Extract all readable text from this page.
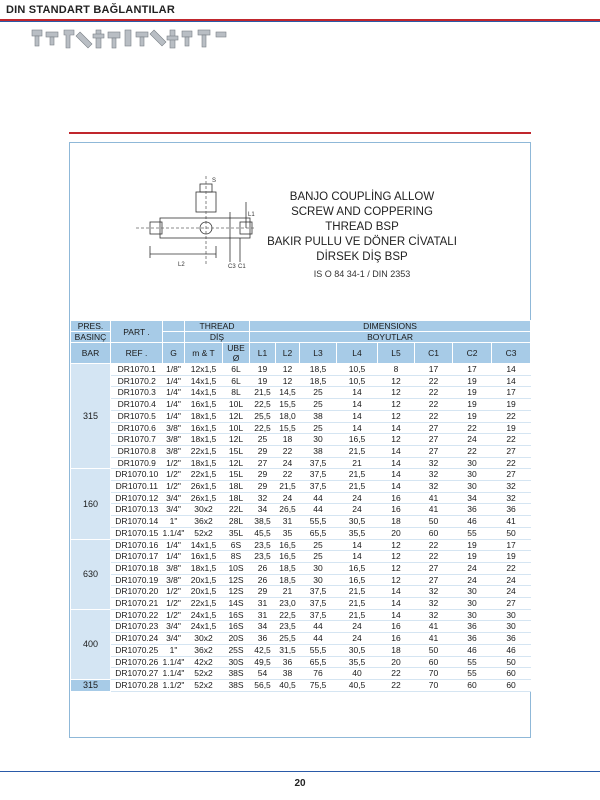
DIN STANDART BAĞLANTILAR
S
L2	C3 C1
L1
BANJO COUPLİNG ALLOW
SCREW AND COPPERING
THREAD BSP
BAKIR PULLU VE DÖNER CİVATALI
DİRSEK DİŞ BSP
IS O 84 34-1 / DIN 2353
PRES.	PART .		THREAD		DIMENSIONS							
BASINÇ			DİŞ		BOYUTLAR							
BAR	REF .	G	m & T	UBE Ø	L1	L2	L3	L4	L5	C1	C2	C3
315	DR1070.1	1/8"	12x1,5	6L	19	12	18,5	10,5	8	17	17	14
	DR1070.2	1/4"	14x1,5	6L	19	12	18,5	10,5	12	22	19	14
	DR1070.3	1/4"	14x1,5	8L	21,5	14,5	25	14	12	22	19	17
	DR1070.4	1/4"	16x1,5	10L	22,5	15,5	25	14	12	22	19	19
	DR1070.5	1/4"	18x1,5	12L	25,5	18,0	38	14	12	22	19	22
	DR1070.6	3/8"	16x1,5	10L	22,5	15,5	25	14	14	27	22	19
	DR1070.7	3/8"	18x1,5	12L	25	18	30	16,5	12	27	24	22
	DR1070.8	3/8"	22x1,5	15L	29	22	38	21,5	14	27	22	27
	DR1070.9	1/2"	18x1,5	12L	27	24	37,5	21	14	32	30	22
160	DR1070.10	1/2"	22x1,5	15L	29	22	37,5	21,5	14	32	30	27
	DR1070.11	1/2"	26x1,5	18L	29	21,5	37,5	21,5	14	32	30	32
	DR1070.12	3/4"	26x1,5	18L	32	24	44	24	16	41	34	32
	DR1070.13	3/4"	30x2	22L	34	26,5	44	24	16	41	36	36
	DR1070.14	1"	36x2	28L	38,5	31	55,5	30,5	18	50	46	41
	DR1070.15	1.1/4"	52x2	35L	45,5	35	65,5	35,5	20	60	55	50
630	DR1070.16	1/4"	14x1,5	6S	23,5	16,5	25	14	12	22	19	17
	DR1070.17	1/4"	16x1,5	8S	23,5	16,5	25	14	12	22	19	19
	DR1070.18	3/8"	18x1,5	10S	26	18,5	30	16,5	12	27	24	22
	DR1070.19	3/8"	20x1,5	12S	26	18,5	30	16,5	12	27	24	24
	DR1070.20	1/2"	20x1,5	12S	29	21	37,5	21,5	14	32	30	24
	DR1070.21	1/2"	22x1,5	14S	31	23,0	37,5	21,5	14	32	30	27
400	DR1070.22	1/2"	24x1,5	16S	31	22,5	37,5	21,5	14	32	30	30
	DR1070.23	3/4"	24x1,5	16S	34	23,5	44	24	16	41	36	30
	DR1070.24	3/4"	30x2	20S	36	25,5	44	24	16	41	36	36
	DR1070.25	1"	36x2	25S	42,5	31,5	55,5	30,5	18	50	46	46
	DR1070.26	1.1/4"	42x2	30S	49,5	36	65,5	35,5	20	60	55	50
	DR1070.27	1.1/4"	52x2	38S	54	38	76	40	22	70	55	60
315	DR1070.28	1.1/2"	52x2	38S	56,5	40,5	75,5	40,5	22	70	60	60
20
